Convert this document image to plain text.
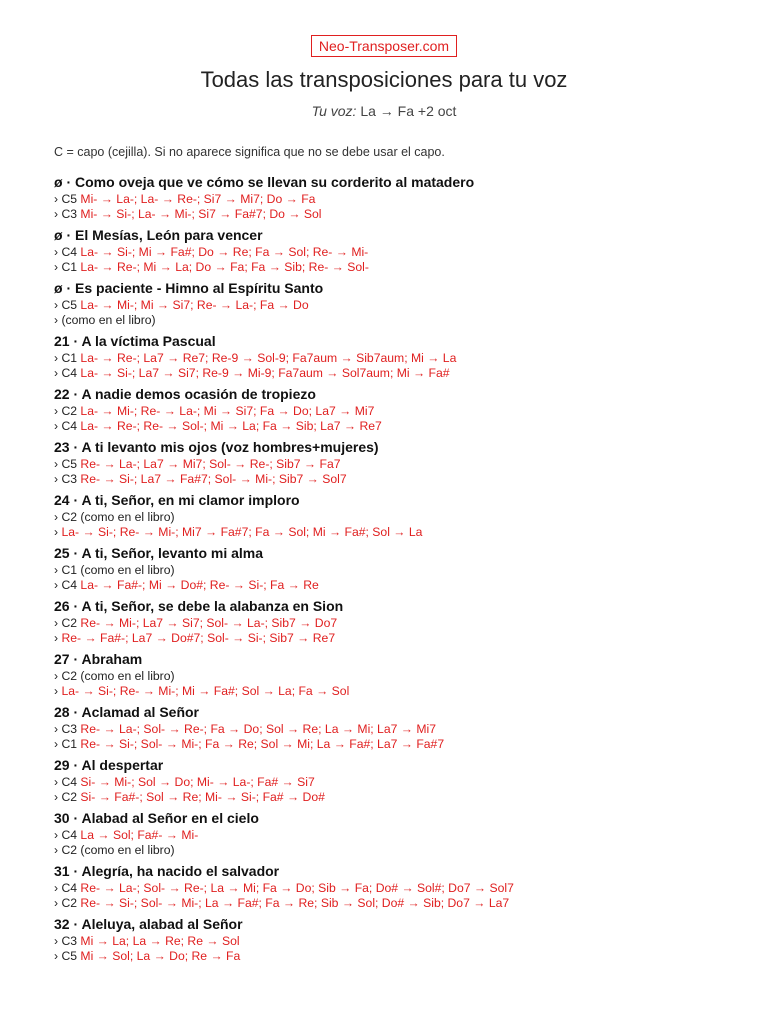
Neo-Transposer.com
Todas las transposiciones para tu voz
Tu voz: La → Fa +2 oct
C = capo (cejilla). Si no aparece significa que no se debe usar el capo.
ø · Como oveja que ve cómo se llevan su corderito al matadero
› C5 Mi- → La-; La- → Re-; Si7 → Mi7; Do → Fa
› C3 Mi- → Si-; La- → Mi-; Si7 → Fa#7; Do → Sol
ø · El Mesías, León para vencer
› C4 La- → Si-; Mi → Fa#; Do → Re; Fa → Sol; Re- → Mi-
› C1 La- → Re-; Mi → La; Do → Fa; Fa → Sib; Re- → Sol-
ø · Es paciente - Himno al Espíritu Santo
› C5 La- → Mi-; Mi → Si7; Re- → La-; Fa → Do
› (como en el libro)
21 · A la víctima Pascual
› C1 La- → Re-; La7 → Re7; Re-9 → Sol-9; Fa7aum → Sib7aum; Mi → La
› C4 La- → Si-; La7 → Si7; Re-9 → Mi-9; Fa7aum → Sol7aum; Mi → Fa#
22 · A nadie demos ocasión de tropiezo
› C2 La- → Mi-; Re- → La-; Mi → Si7; Fa → Do; La7 → Mi7
› C4 La- → Re-; Re- → Sol-; Mi → La; Fa → Sib; La7 → Re7
23 · A ti levanto mis ojos (voz hombres+mujeres)
› C5 Re- → La-; La7 → Mi7; Sol- → Re-; Sib7 → Fa7
› C3 Re- → Si-; La7 → Fa#7; Sol- → Mi-; Sib7 → Sol7
24 · A ti, Señor, en mi clamor imploro
› C2 (como en el libro)
› La- → Si-; Re- → Mi-; Mi7 → Fa#7; Fa → Sol; Mi → Fa#; Sol → La
25 · A ti, Señor, levanto mi alma
› C1 (como en el libro)
› C4 La- → Fa#-; Mi → Do#; Re- → Si-; Fa → Re
26 · A ti, Señor, se debe la alabanza en Sion
› C2 Re- → Mi-; La7 → Si7; Sol- → La-; Sib7 → Do7
› Re- → Fa#-; La7 → Do#7; Sol- → Si-; Sib7 → Re7
27 · Abraham
› C2 (como en el libro)
› La- → Si-; Re- → Mi-; Mi → Fa#; Sol → La; Fa → Sol
28 · Aclamad al Señor
› C3 Re- → La-; Sol- → Re-; Fa → Do; Sol → Re; La → Mi; La7 → Mi7
› C1 Re- → Si-; Sol- → Mi-; Fa → Re; Sol → Mi; La → Fa#; La7 → Fa#7
29 · Al despertar
› C4 Si- → Mi-; Sol → Do; Mi- → La-; Fa# → Si7
› C2 Si- → Fa#-; Sol → Re; Mi- → Si-; Fa# → Do#
30 · Alabad al Señor en el cielo
› C4 La → Sol; Fa#- → Mi-
› C2 (como en el libro)
31 · Alegría, ha nacido el salvador
› C4 Re- → La-; Sol- → Re-; La → Mi; Fa → Do; Sib → Fa; Do# → Sol#; Do7 → Sol7
› C2 Re- → Si-; Sol- → Mi-; La → Fa#; Fa → Re; Sib → Sol; Do# → Sib; Do7 → La7
32 · Aleluya, alabad al Señor
› C3 Mi → La; La → Re; Re → Sol
› C5 Mi → Sol; La → Do; Re → Fa
